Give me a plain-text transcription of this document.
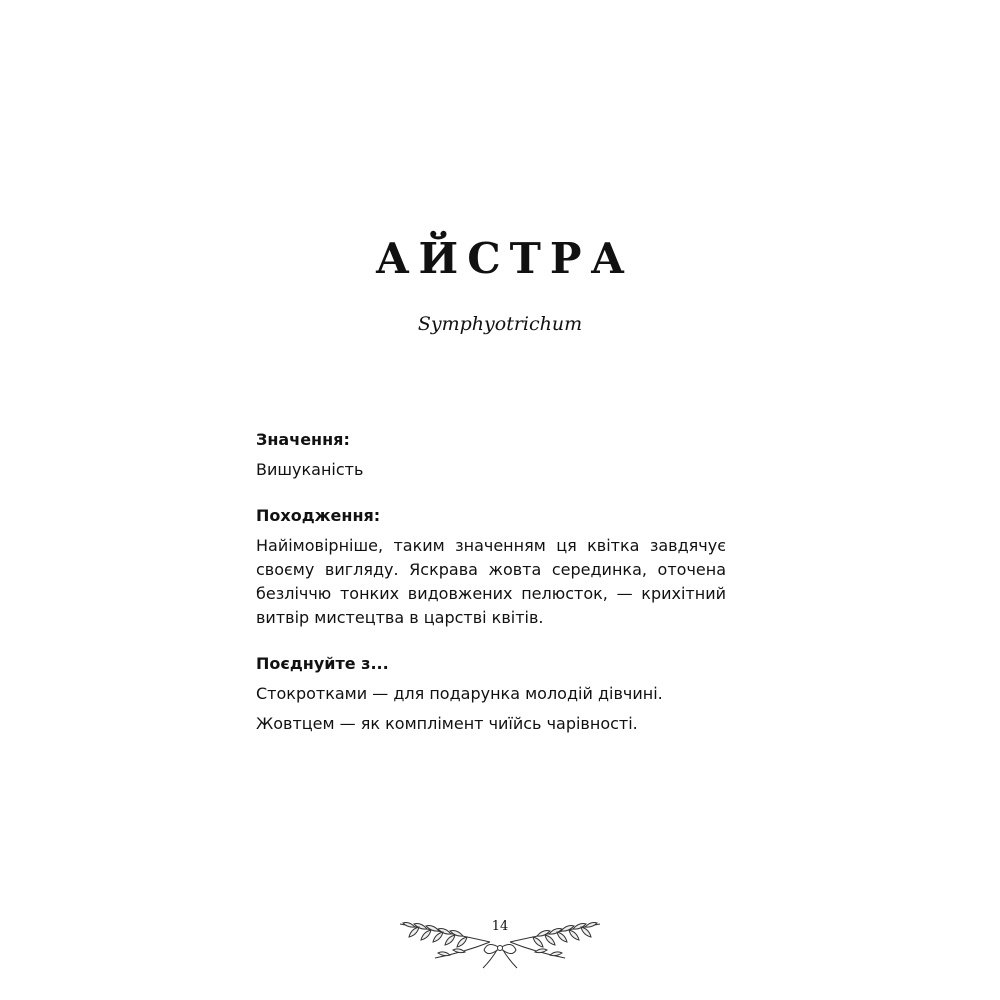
АЙСТРА
Symphyotrichum
Значення:

Вишуканість

Походження:

Найімовірніше, таким значенням ця квітка завдячує своєму вигляду. Яскрава жовта серединка, оточена безліччю тонких видовжених пелюсток, — крихітний витвір мистецтва в царстві квітів.

Поєднуйте з...

Стокротками — для подарунка молодій дівчині.

Жовтцем — як комплімент чиїйсь чарівності.

14
